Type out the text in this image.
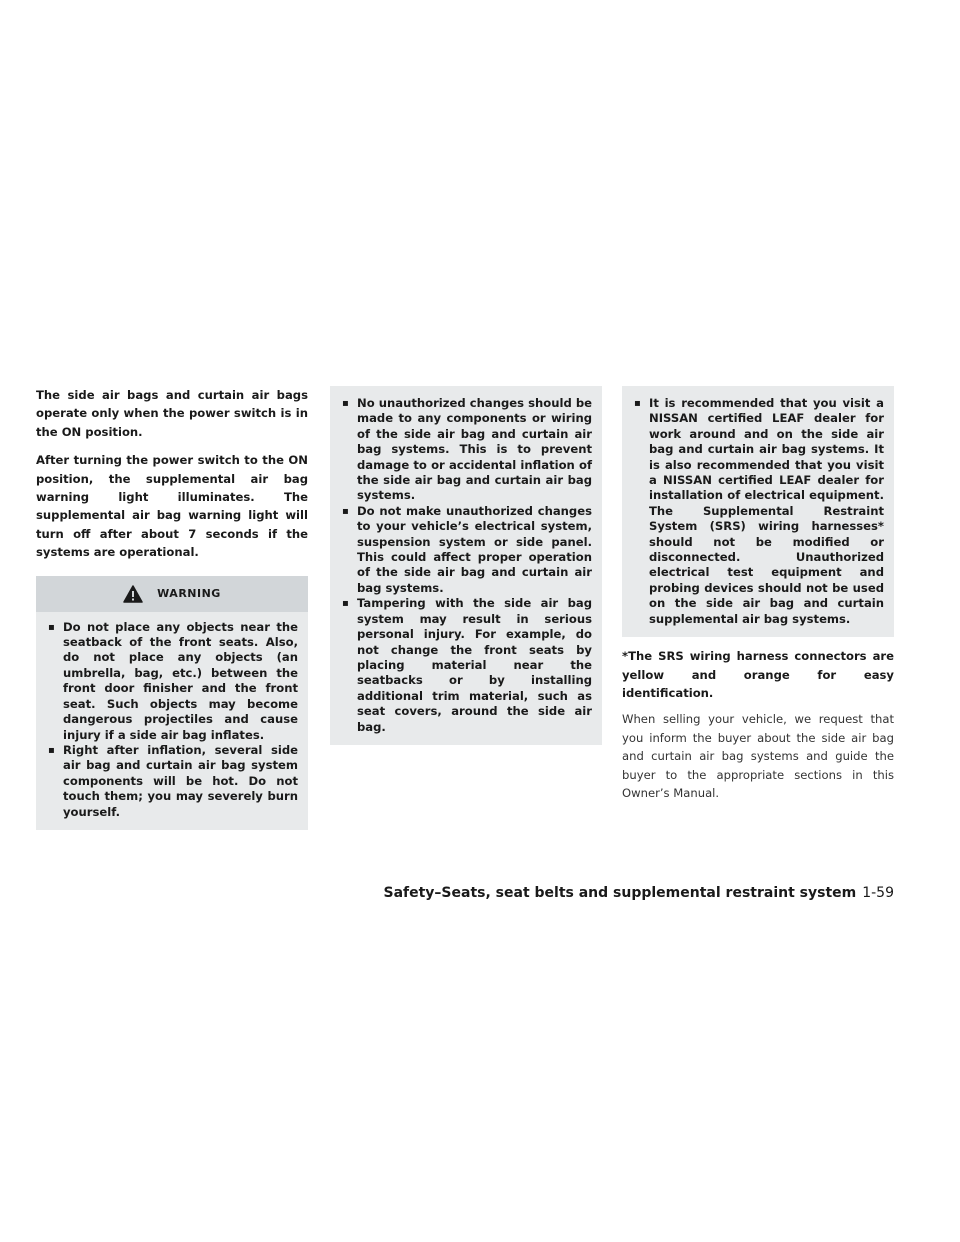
The side air bags and curtain air bags operate only when the power switch is in the ON position.

After turning the power switch to the ON position, the supplemental air bag warning light illuminates. The supplemental air bag warning light will turn off after about 7 seconds if the systems are operational.

WARNING
▪ Do not place any objects near the seatback of the front seats. Also, do not place any objects (an umbrella, bag, etc.) between the front door finisher and the front seat. Such objects may become dangerous projectiles and cause injury if a side air bag inflates.
▪ Right after inflation, several side air bag and curtain air bag system components will be hot. Do not touch them; you may severely burn yourself.
▪ No unauthorized changes should be made to any components or wiring of the side air bag and curtain air bag systems. This is to prevent damage to or accidental inflation of the side air bag and curtain air bag systems.
▪ Do not make unauthorized changes to your vehicle’s electrical system, suspension system or side panel. This could affect proper operation of the side air bag and curtain air bag systems.
▪ Tampering with the side air bag system may result in serious personal injury. For example, do not change the front seats by placing material near the seatbacks or by installing additional trim material, such as seat covers, around the side air bag.
▪ It is recommended that you visit a NISSAN certified LEAF dealer for work around and on the side air bag and curtain air bag systems. It is also recommended that you visit a NISSAN certified LEAF dealer for installation of electrical equipment. The Supplemental Restraint System (SRS) wiring harnesses* should not be modified or disconnected. Unauthorized electrical test equipment and probing devices should not be used on the side air bag and curtain supplemental air bag systems.

*The SRS wiring harness connectors are yellow and orange for easy identification.

When selling your vehicle, we request that you inform the buyer about the side air bag and curtain air bag systems and guide the buyer to the appropriate sections in this Owner’s Manual.

Safety–Seats, seat belts and supplemental restraint system 1-59
